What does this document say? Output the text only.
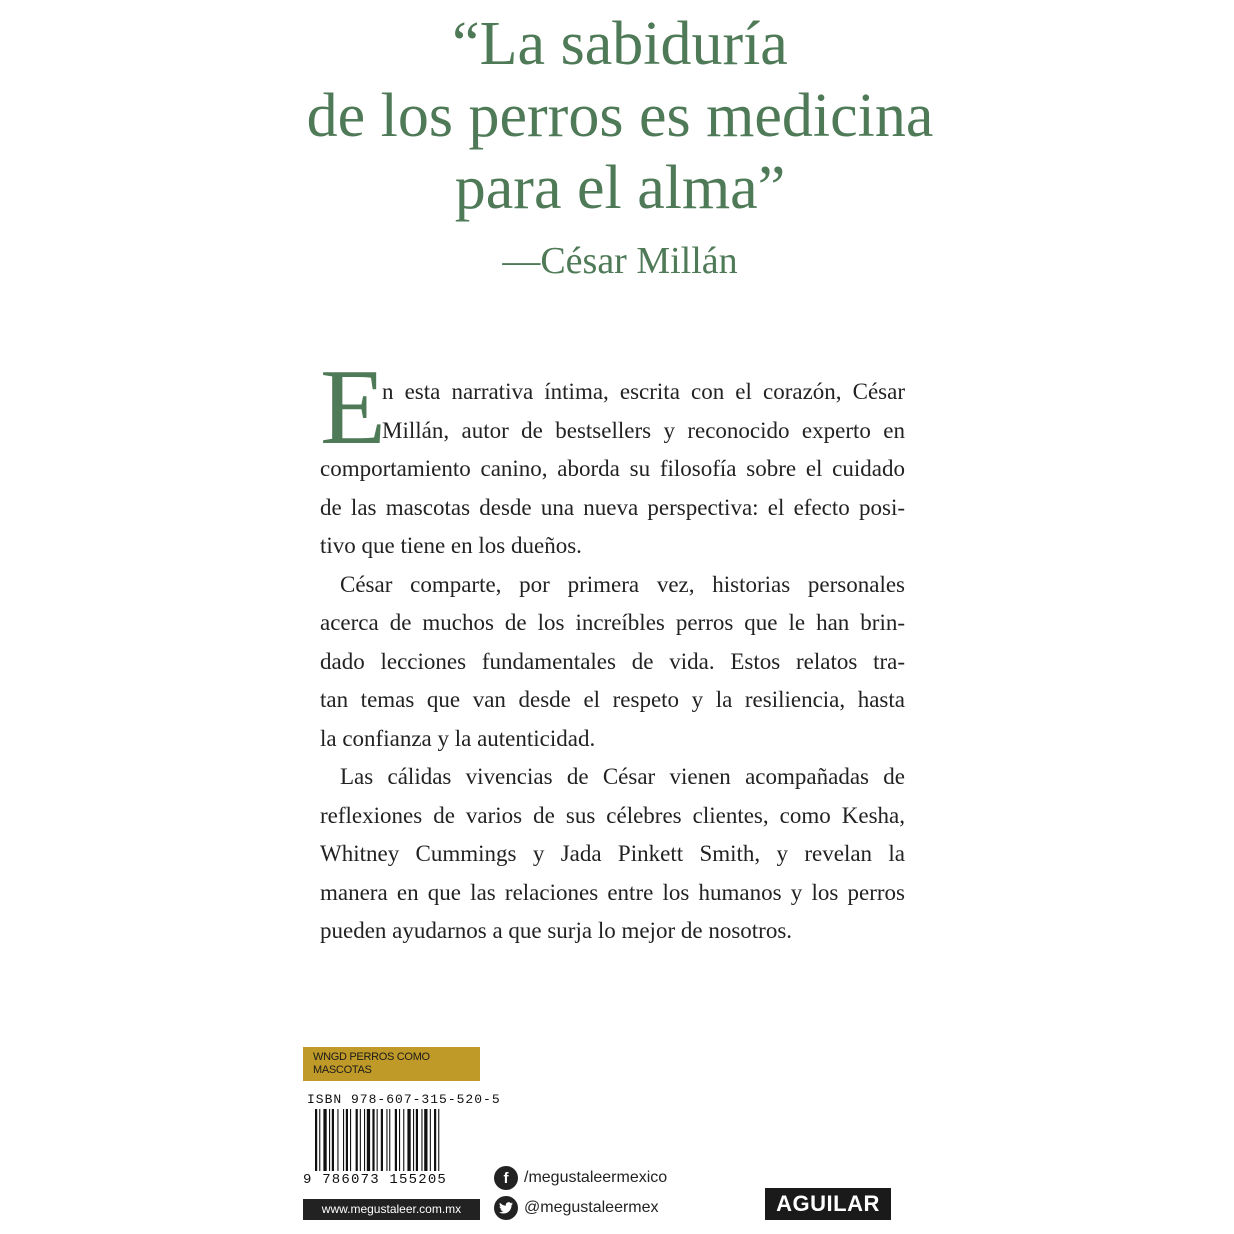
“La sabiduría
de los perros es medicina
para el alma”
—César Millán
E
n esta narrativa íntima, escrita con el corazón, César
Millán, autor de bestsellers y reconocido experto en
comportamiento canino, aborda su filosofía sobre el cuidado
de las mascotas desde una nueva perspectiva: el efecto posi-
tivo que tiene en los dueños.
César comparte, por primera vez, historias personales
acerca de muchos de los increíbles perros que le han brin-
dado lecciones fundamentales de vida. Estos relatos tra-
tan temas que van desde el respeto y la resiliencia, hasta
la confianza y la autenticidad.
Las cálidas vivencias de César vienen acompañadas de
reflexiones de varios de sus célebres clientes, como Kesha,
Whitney Cummings y Jada Pinkett Smith, y revelan la
manera en que las relaciones entre los humanos y los perros
pueden ayudarnos a que surja lo mejor de nosotros.
WNGD PERROS COMO MASCOTAS
ISBN 978-607-315-520-5
9 786073 155205
www.megustaleer.com.mx
f /megustaleermexico
@megustaleermex	AGUILAR
